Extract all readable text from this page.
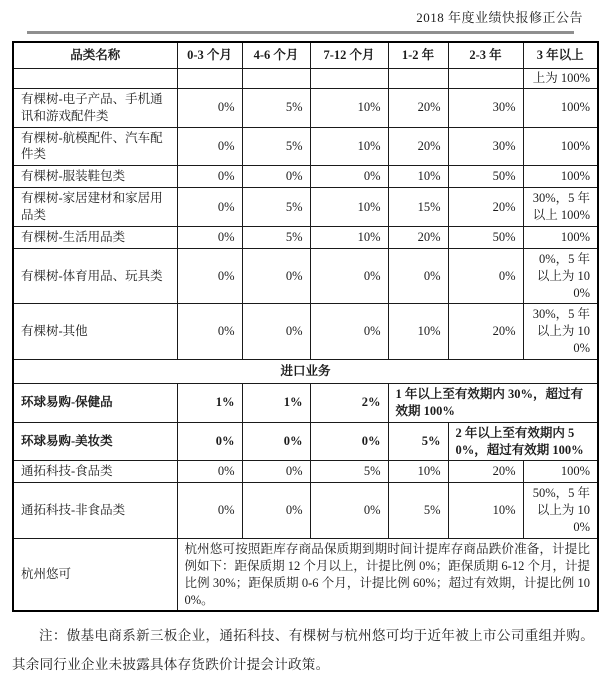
2018 年度业绩快报修正公告
品类名称	0-3 个月	4-6 个月	7-12 个月	1-2 年	2-3 年	3 年以上
						上为 100%
有棵树-电子产品、手机通讯和游戏配件类	0%	5%	10%	20%	30%	100%
有棵树-航模配件、汽车配件类	0%	5%	10%	20%	30%	100%
有棵树-服装鞋包类	0%	0%	0%	10%	50%	100%
有棵树-家居建材和家居用品类	0%	5%	10%	15%	20%	30%，5 年以上 100%
有棵树-生活用品类	0%	5%	10%	20%	50%	100%
有棵树-体育用品、玩具类	0%	0%	0%	0%	0%	0%，5 年以上为 100%
有棵树-其他	0%	0%	0%	10%	20%	30%，5 年以上为 100%
进口业务						
环球易购-保健品	1%	1%	2%	1 年以上至有效期内 30%，超过有效期 100%		
环球易购-美妆类	0%	0%	0%	5%	2 年以上至有效期内 50%，超过有效期 100%	
通拓科技-食品类	0%	0%	5%	10%	20%	100%
通拓科技-非食品类	0%	0%	0%	5%	10%	50%，5 年以上为 100%
杭州悠可	杭州悠可按照距库存商品保质期到期时间计提库存商品跌价准备，计提比例如下：距保质期 12 个月以上，计提比例 0%；距保质期 6-12 个月，计提比例 30%；距保质期 0-6 个月，计提比例 60%；超过有效期，计提比例 100%。					

注：傲基电商系新三板企业，通拓科技、有棵树与杭州悠可均于近年被上市公司重组并购。其余同行业企业未披露具体存货跌价计提会计政策。
